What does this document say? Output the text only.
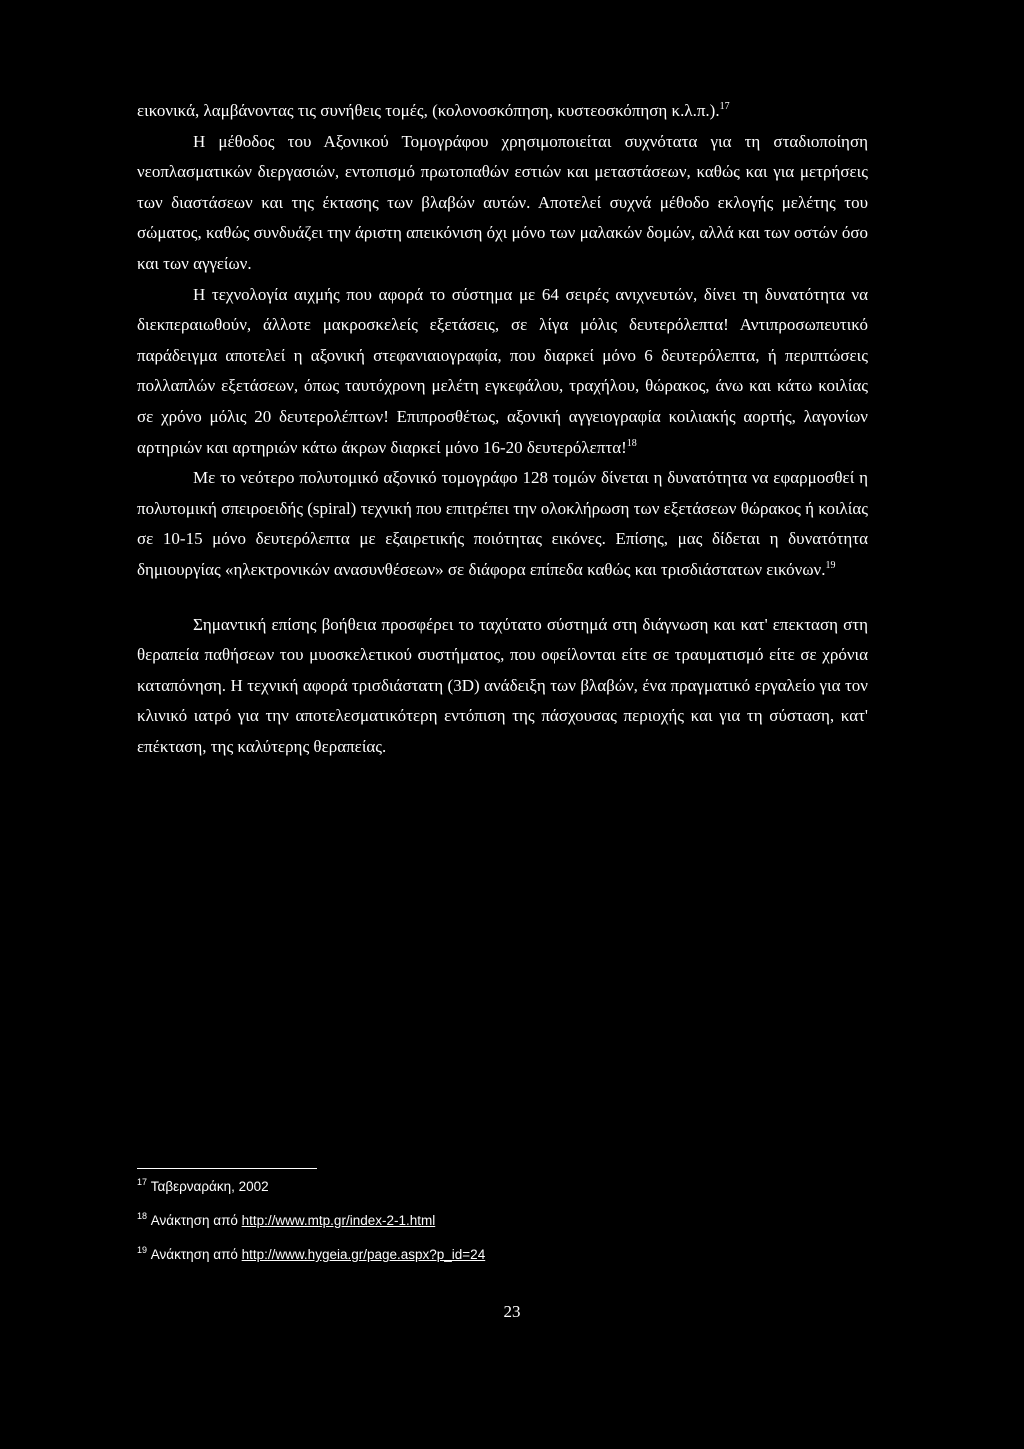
εικονικά, λαμβάνοντας τις συνήθεις τομές, (κολονοσκόπηση, κυστεοσκόπηση κ.λ.π.).$^{17}$

Η μέθοδος του Αξονικού Τομογράφου χρησιμοποιείται συχνότατα για τη σταδιοποίηση νεοπλασματικών διεργασιών, εντοπισμό πρωτοπαθών εστιών και μεταστάσεων, καθώς και για μετρήσεις των διαστάσεων και της έκτασης των βλαβών αυτών. Αποτελεί συχνά μέθοδο εκλογής μελέτης του σώματος, καθώς συνδυάζει την άριστη απεικόνιση όχι μόνο των μαλακών δομών, αλλά και των οστών όσο και των αγγείων.

Η τεχνολογία αιχμής που αφορά το σύστημα με 64 σειρές ανιχνευτών, δίνει τη δυνατότητα να διεκπεραιωθούν, άλλοτε μακροσκελείς εξετάσεις, σε λίγα μόλις δευτερόλεπτα! Αντιπροσωπευτικό παράδειγμα αποτελεί η αξονική στεφανιαιογραφία, που διαρκεί μόνο 6 δευτερόλεπτα, ή περιπτώσεις πολλαπλών εξετάσεων, όπως ταυτόχρονη μελέτη εγκεφάλου, τραχήλου, θώρακος, άνω και κάτω κοιλίας σε χρόνο μόλις 20 δευτερολέπτων! Επιπροσθέτως, αξονική αγγειογραφία κοιλιακής αορτής, λαγονίων αρτηριών και αρτηριών κάτω άκρων διαρκεί μόνο 16-20 δευτερόλεπτα!$^{18}$

Με το νεότερο πολυτομικό αξονικό τομογράφο 128 τομών δίνεται η δυνατότητα να εφαρμοσθεί η πολυτομική σπειροειδής (spiral) τεχνική που επιτρέπει την ολοκλήρωση των εξετάσεων θώρακος ή κοιλίας σε 10-15 μόνο δευτερόλεπτα με εξαιρετικής ποιότητας εικόνες. Επίσης, μας δίδεται η δυνατότητα δημιουργίας «ηλεκτρονικών ανασυνθέσεων» σε διάφορα επίπεδα καθώς και τρισδιάστατων εικόνων.$^{19}$

Σημαντική επίσης βοήθεια προσφέρει το ταχύτατο σύστημά στη διάγνωση και κατ' επεκταση στη θεραπεία παθήσεων του μυοσκελετικού συστήματος, που οφείλονται είτε σε τραυματισμό είτε σε χρόνια καταπόνηση. Η τεχνική αφορά τρισδιάστατη (3D) ανάδειξη των βλαβών, ένα πραγματικό εργαλείο για τον κλινικό ιατρό για την αποτελεσματικότερη εντόπιση της πάσχουσας περιοχής και για τη σύσταση, κατ' επέκταση, της καλύτερης θεραπείας.

$^{17}$ Ταβερναράκη, 2002

$^{18}$ Ανάκτηση από http://www.mtp.gr/index-2-1.html

$^{19}$ Ανάκτηση από http://www.hygeia.gr/page.aspx?p_id=24

23
